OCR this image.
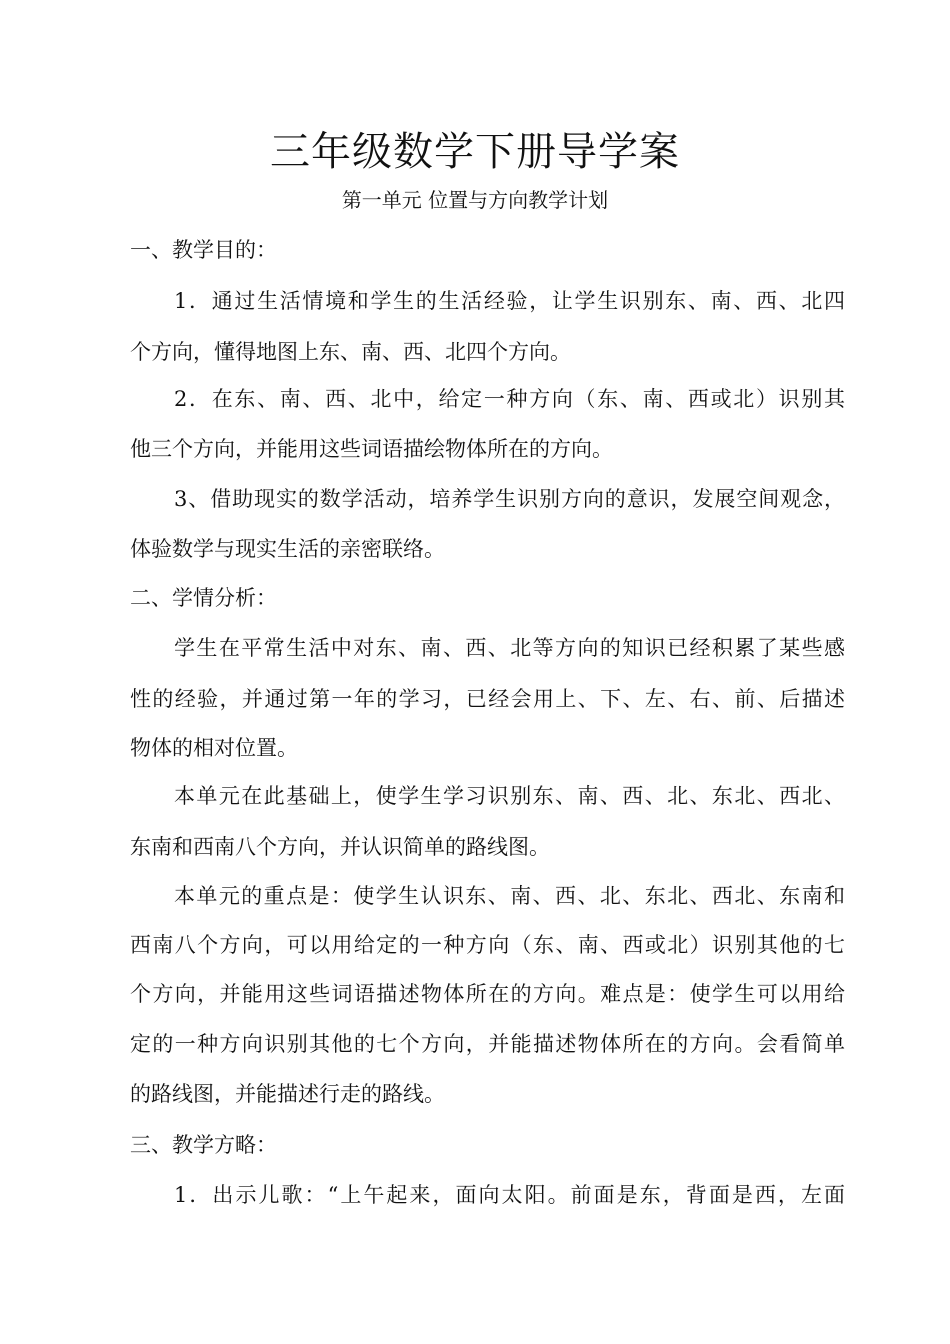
三年级数学下册导学案
第一单元 位置与方向教学计划
一、教学目的：
1．通过生活情境和学生的生活经验，让学生识别东、南、西、北四
个方向，懂得地图上东、南、西、北四个方向。
2．在东、南、西、北中，给定一种方向（东、南、西或北）识别其
他三个方向，并能用这些词语描绘物体所在的方向。
3、借助现实的数学活动，培养学生识别方向的意识，发展空间观念，
体验数学与现实生活的亲密联络。
二、学情分析：
学生在平常生活中对东、南、西、北等方向的知识已经积累了某些感
性的经验，并通过第一年的学习，已经会用上、下、左、右、前、后描述
物体的相对位置。
本单元在此基础上，使学生学习识别东、南、西、北、东北、西北、
东南和西南八个方向，并认识简单的路线图。
本单元的重点是：使学生认识东、南、西、北、东北、西北、东南和
西南八个方向，可以用给定的一种方向（东、南、西或北）识别其他的七
个方向，并能用这些词语描述物体所在的方向。难点是：使学生可以用给
定的一种方向识别其他的七个方向，并能描述物体所在的方向。会看简单
的路线图，并能描述行走的路线。
三、教学方略：
1．出示儿歌：“上午起来，面向太阳。前面是东，背面是西，左面
